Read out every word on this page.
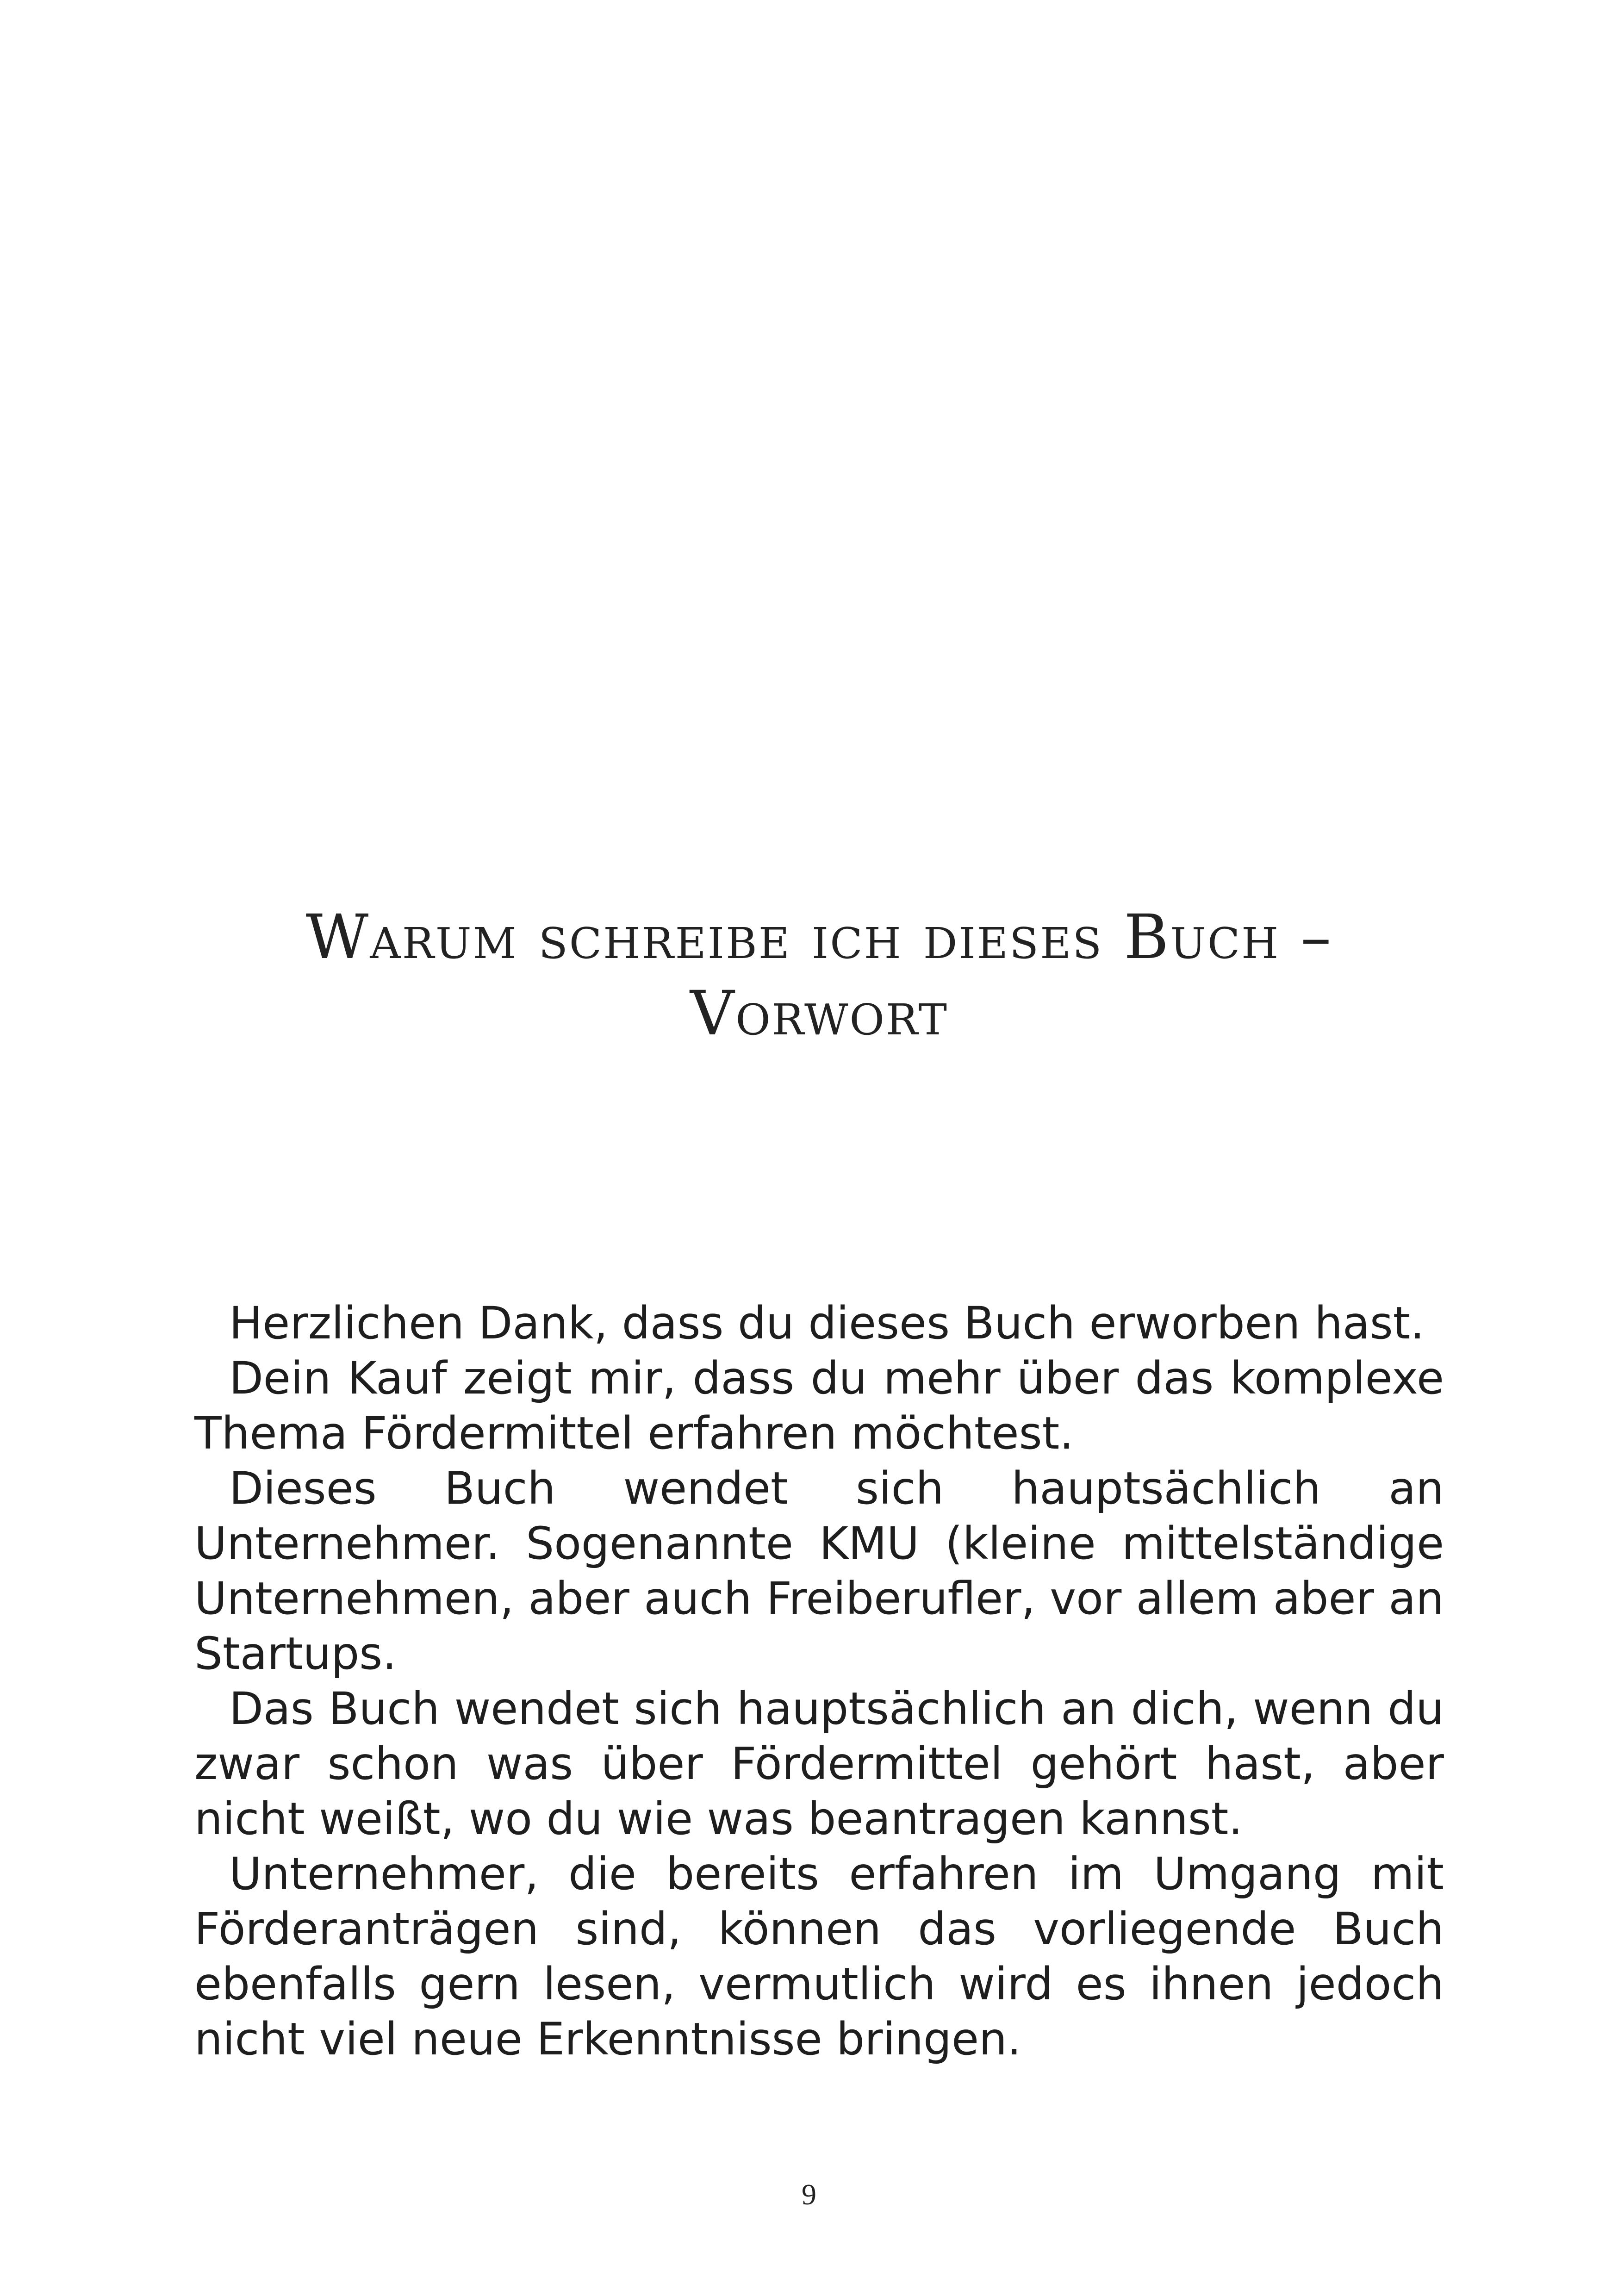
Warum schreibe ich dieses Buch –
Vorwort

Herzlichen Dank, dass du dieses Buch erworben hast.

Dein Kauf zeigt mir, dass du mehr über das komplexe Thema Fördermittel erfahren möchtest.

Dieses Buch wendet sich hauptsächlich an Unternehmer. Sogenannte KMU (kleine mittelständige Unternehmen, aber auch Freiberufler, vor allem aber an Startups.

Das Buch wendet sich hauptsächlich an dich, wenn du zwar schon was über Fördermittel gehört hast, aber nicht weißt, wo du wie was beantragen kannst.

Unternehmer, die bereits erfahren im Umgang mit Förderanträgen sind, können das vorliegende Buch ebenfalls gern lesen, vermutlich wird es ihnen jedoch nicht viel neue Erkenntnisse bringen.

9
